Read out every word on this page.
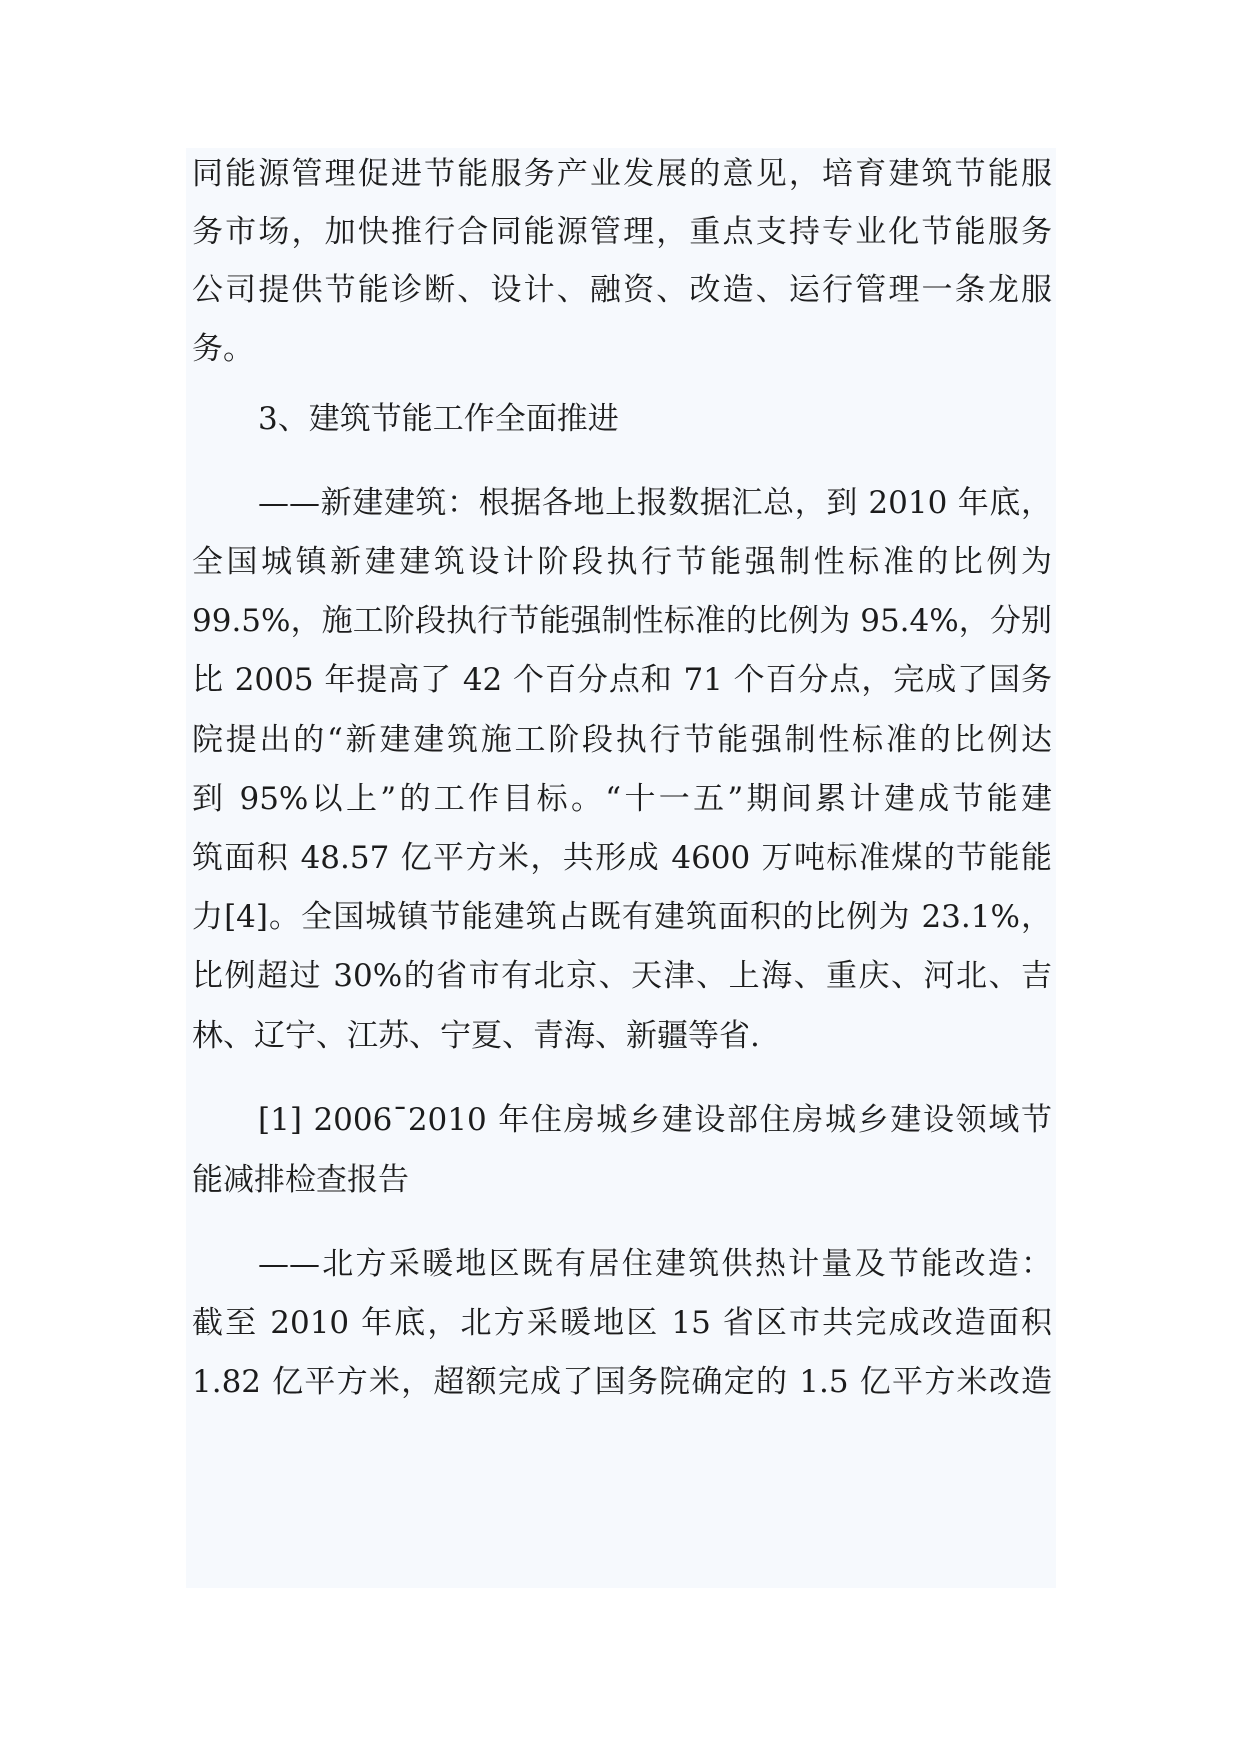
同能源管理促进节能服务产业发展的意见，培育建筑节能服
务市场，加快推行合同能源管理，重点支持专业化节能服务
公司提供节能诊断、设计、融资、改造、运行管理一条龙服
务。
3、建筑节能工作全面推进
——新建建筑：根据各地上报数据汇总，到 2010 年底，
全国城镇新建建筑设计阶段执行节能强制性标准的比例为
99.5%，施工阶段执行节能强制性标准的比例为 95.4%，分别
比 2005 年提高了 42 个百分点和 71 个百分点，完成了国务
院提出的“新建建筑施工阶段执行节能强制性标准的比例达
到 95%以上”的工作目标。“十一五”期间累计建成节能建
筑面积 48.57 亿平方米，共形成 4600 万吨标准煤的节能能
力[4]。全国城镇节能建筑占既有建筑面积的比例为 23.1%，
比例超过 30%的省市有北京、天津、上海、重庆、河北、吉
林、辽宁、江苏、宁夏、青海、新疆等省.
[1] 2006¯2010 年住房城乡建设部住房城乡建设领域节
能减排检查报告
——北方采暖地区既有居住建筑供热计量及节能改造：
截至 2010 年底，北方采暖地区 15 省区市共完成改造面积
1.82 亿平方米，超额完成了国务院确定的 1.5 亿平方米改造
